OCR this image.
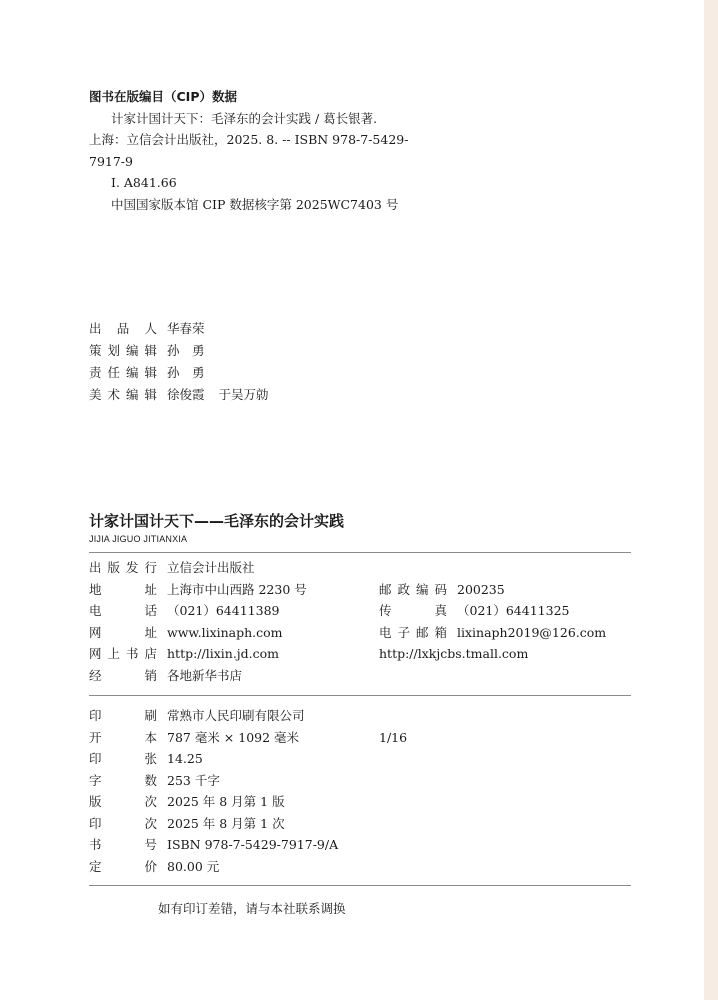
图书在版编目（CIP）数据
计家计国计天下：毛泽东的会计实践 / 葛长银著.
上海：立信会计出版社，2025. 8. -- ISBN 978-7-5429-
7917-9
Ⅰ. A841.66
中国国家版本馆 CIP 数据核字第 2025WC7403 号
出品人 华春荣
策划编辑 孙　勇
责任编辑 孙　勇
美术编辑 徐俊霞 于吴万勍
计家计国计天下——毛泽东的会计实践
JIJIA JIGUO JITIANXIA
出版发行 立信会计出版社
地址 上海市中山西路 2230 号	邮政编码 200235
电话 （021）64411389	传真 （021）64411325
网址 www.lixinaph.com	电子邮箱 lixinaph2019@126.com
网上书店 http://lixin.jd.com	http://lxkjcbs.tmall.com
经销 各地新华书店
印刷 常熟市人民印刷有限公司
开本 787 毫米 × 1092 毫米	1/16
印张 14.25
字数 253 千字
版次 2025 年 8 月第 1 版
印次 2025 年 8 月第 1 次
书号 ISBN 978-7-5429-7917-9/A
定价 80.00 元
如有印订差错，请与本社联系调换
